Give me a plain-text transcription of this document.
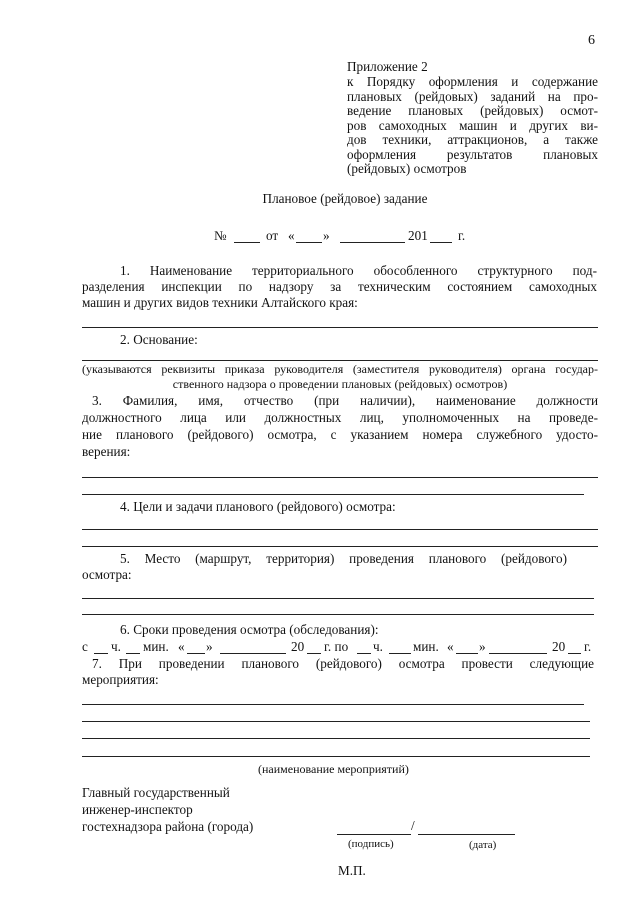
6
Приложение 2
к Порядку оформления и содержание
плановых (рейдовых) заданий на про-
ведение плановых (рейдовых) осмот-
ров самоходных машин и других ви-
дов техники, аттракционов, а также
оформления результатов плановых
(рейдовых) осмотров
Плановое (рейдовое) задание
№	от « »	201 г.
1. Наименование территориального обособленного структурного под-
разделения инспекции по надзору за техническим состоянием самоходных
машин и других видов техники Алтайского края:
2. Основание:
(указываются реквизиты приказа руководителя (заместителя руководителя) органа государ-
ственного надзора о проведении плановых (рейдовых) осмотров)
3. Фамилия, имя, отчество (при наличии), наименование должности
должностного лица или должностных лиц, уполномоченных на проведе-
ние планового (рейдового) осмотра, с указанием номера служебного удосто-
верения:
4. Цели и задачи планового (рейдового) осмотра:
5. Место (маршрут, территория) проведения планового (рейдового)
осмотра:
6. Сроки проведения осмотра (обследования):
с ч. мин. « »	20 г. по ч. мин. « »	20 г.
7. При проведении планового (рейдового) осмотра провести следующие
мероприятия:
(наименование мероприятий)
Главный государственный
инженер-инспектор
гостехнадзора района (города)	/
(подпись)	(дата)
М.П.
